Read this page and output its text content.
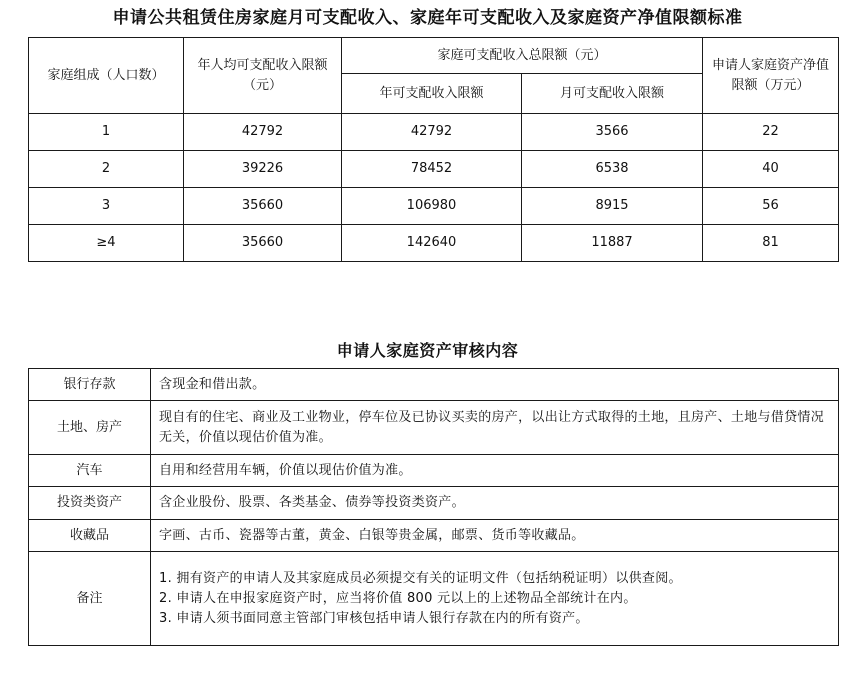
申请公共租赁住房家庭月可支配收入、家庭年可支配收入及家庭资产净值限额标准
家庭组成（人口数）	年人均可支配收入限额（元）	家庭可支配收入总限额（元）		申请人家庭资产净值限额（万元）
		年可支配收入限额	月可支配收入限额	
1	42792	42792	3566	22
2	39226	78452	6538	40
3	35660	106980	8915	56
≥4	35660	142640	11887	81
申请人家庭资产审核内容
银行存款	含现金和借出款。
土地、房产	现自有的住宅、商业及工业物业，停车位及已协议买卖的房产，以出让方式取得的土地，且房产、土地与借贷情况无关，价值以现估价值为准。
汽车	自用和经营用车辆，价值以现估价值为准。
投资类资产	含企业股份、股票、各类基金、债券等投资类资产。
收藏品	字画、古币、瓷器等古董，黄金、白银等贵金属，邮票、货币等收藏品。
备注	1. 拥有资产的申请人及其家庭成员必须提交有关的证明文件（包括纳税证明）以供查阅。
2. 申请人在申报家庭资产时，应当将价值 800 元以上的上述物品全部统计在内。
3. 申请人须书面同意主管部门审核包括申请人银行存款在内的所有资产。
